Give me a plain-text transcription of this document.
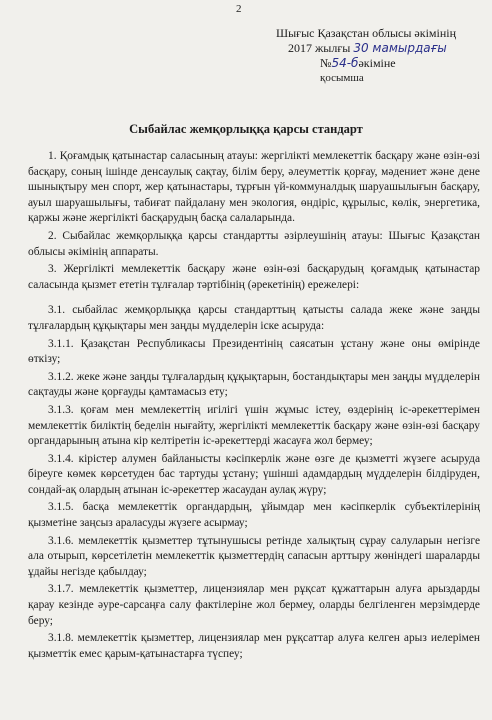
2
Шығыс Қазақстан облысы әкімінің
2017 жылғы 30 мамырдағы
№54-бәкіміне
қосымша
Сыбайлас жемқорлыққа қарсы стандарт

1. Қоғамдық қатынастар саласының атауы: жергілікті мемлекеттік басқару және өзін-өзі басқару, соның ішінде денсаулық сақтау, білім беру, әлеуметтік қорғау, мәдениет және дене шынықтыру мен спорт, жер қатынастары, тұрғын үй-коммуналдық шаруашылығын басқару, ауыл шаруашылығы, табиғат пайдалану мен экология, өндіріс, құрылыс, көлік, энергетика, қаржы және жергілікті басқарудың басқа салаларында.

2. Сыбайлас жемқорлыққа қарсы стандартты әзірлеушінің атауы: Шығыс Қазақстан облысы әкімінің аппараты.

3. Жергілікті мемлекеттік басқару және өзін-өзі басқарудың қоғамдық қатынастар саласында қызмет ететін тұлғалар тәртібінің (әрекетінің) ережелері:

3.1. сыбайлас жемқорлыққа қарсы стандарттың қатысты салада жеке және заңды тұлғалардың құқықтары мен заңды мүдделерін іске асыруда:

3.1.1. Қазақстан Республикасы Президентінің саясатын ұстану және оны өмірінде өткізу;

3.1.2. жеке және заңды тұлғалардың құқықтарын, бостандықтары мен заңды мүдделерін сақтауды және қорғауды қамтамасыз ету;

3.1.3. қоғам мен мемлекеттің игілігі үшін жұмыс істеу, өздерінің іс-әрекеттерімен мемлекеттік биліктің беделін нығайту, жергілікті мемлекеттік басқару және өзін-өзі басқару органдарының атына кір келтіретін іс-әрекеттерді жасауға жол бермеу;

3.1.4. кірістер алумен байланысты кәсіпкерлік және өзге де қызметті жүзеге асыруда біреуге көмек көрсетуден бас тартуды ұстану; үшінші адамдардың мүдделерін білдіруден, сондай-ақ олардың атынан іс-әрекеттер жасаудан аулақ жүру;

3.1.5. басқа мемлекеттік органдардың, ұйымдар мен кәсіпкерлік субъектілерінің қызметіне заңсыз араласуды жүзеге асырмау;

3.1.6. мемлекеттік қызметтер тұтынушысы ретінде халықтың сұрау салуларын негізге ала отырып, көрсетілетін мемлекеттік қызметтердің сапасын арттыру жөніндегі шараларды ұдайы негізде қабылдау;

3.1.7. мемлекеттік қызметтер, лицензиялар мен рұқсат құжаттарын алуға арыздарды қарау кезінде әуре-сарсаңға салу фактілеріне жол бермеу, оларды белгіленген мерзімдерде беру;

3.1.8. мемлекеттік қызметтер, лицензиялар мен рұқсаттар алуға келген арыз иелерімен қызметтік емес қарым-қатынастарға түспеу;
